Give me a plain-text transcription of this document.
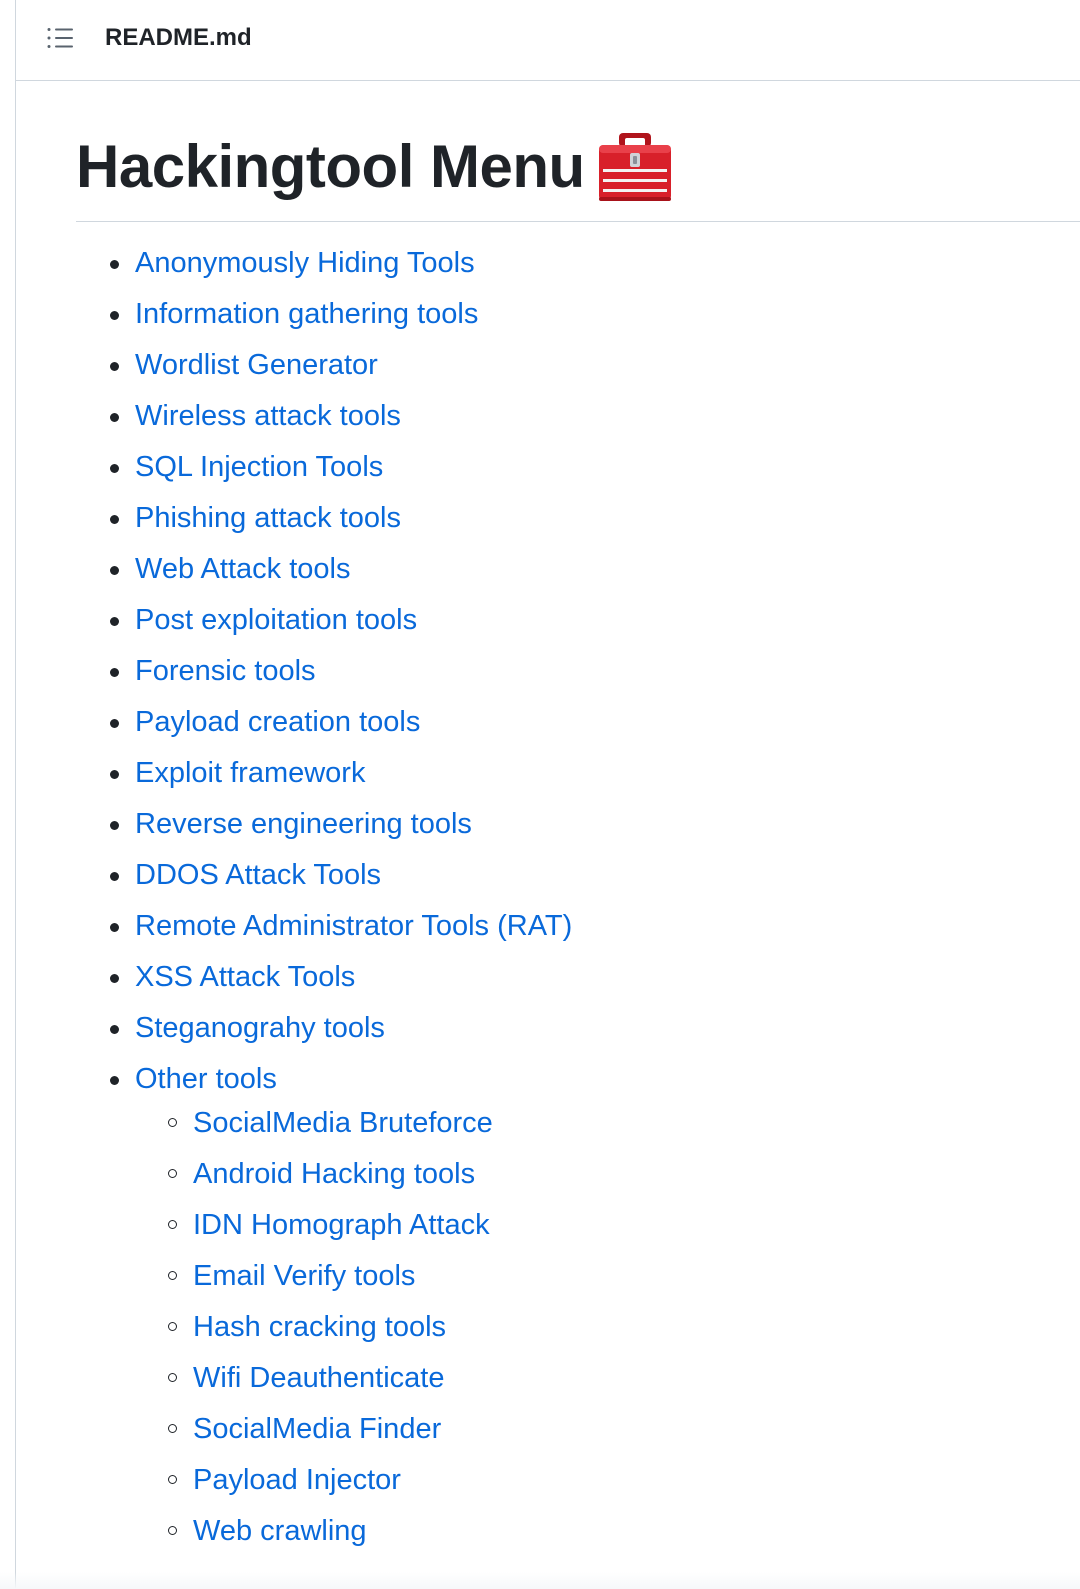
README.md
Hackingtool Menu
Anonymously Hiding Tools
Information gathering tools
Wordlist Generator
Wireless attack tools
SQL Injection Tools
Phishing attack tools
Web Attack tools
Post exploitation tools
Forensic tools
Payload creation tools
Exploit framework
Reverse engineering tools
DDOS Attack Tools
Remote Administrator Tools (RAT)
XSS Attack Tools
Steganograhy tools
Other tools
SocialMedia Bruteforce
Android Hacking tools
IDN Homograph Attack
Email Verify tools
Hash cracking tools
Wifi Deauthenticate
SocialMedia Finder
Payload Injector
Web crawling
